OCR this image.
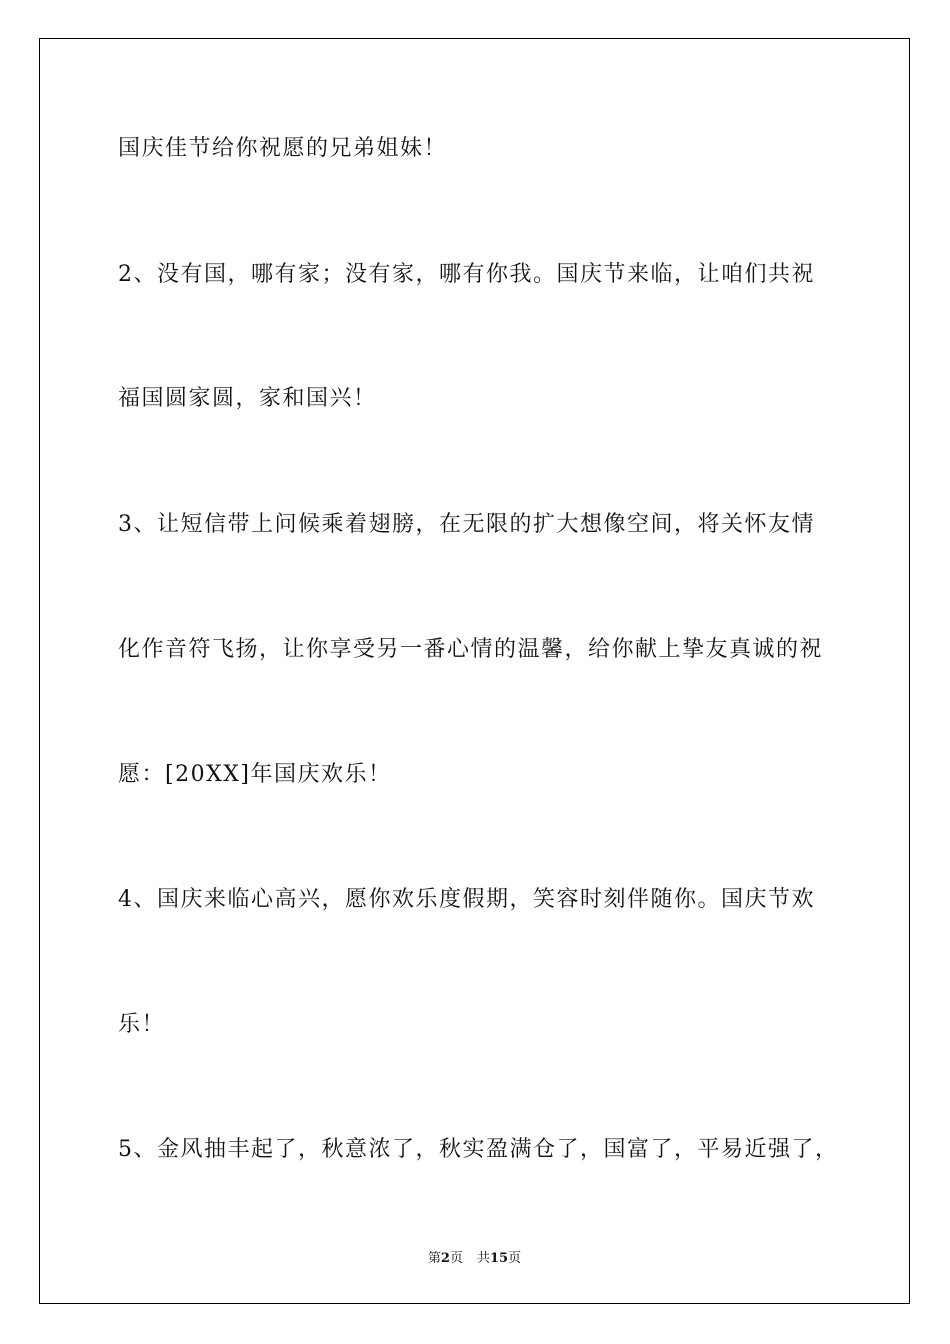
国庆佳节给你祝愿的兄弟姐妹！
2、没有国，哪有家；没有家，哪有你我。国庆节来临，让咱们共祝
福国圆家圆，家和国兴！
3、让短信带上问候乘着翅膀，在无限的扩大想像空间，将关怀友情
化作音符飞扬，让你享受另一番心情的温馨，给你献上挚友真诚的祝
愿：[20XX]年国庆欢乐！
4、国庆来临心高兴，愿你欢乐度假期，笑容时刻伴随你。国庆节欢
乐！
5、金风抽丰起了，秋意浓了，秋实盈满仓了，国富了，平易近强了，
第2页 共15页
